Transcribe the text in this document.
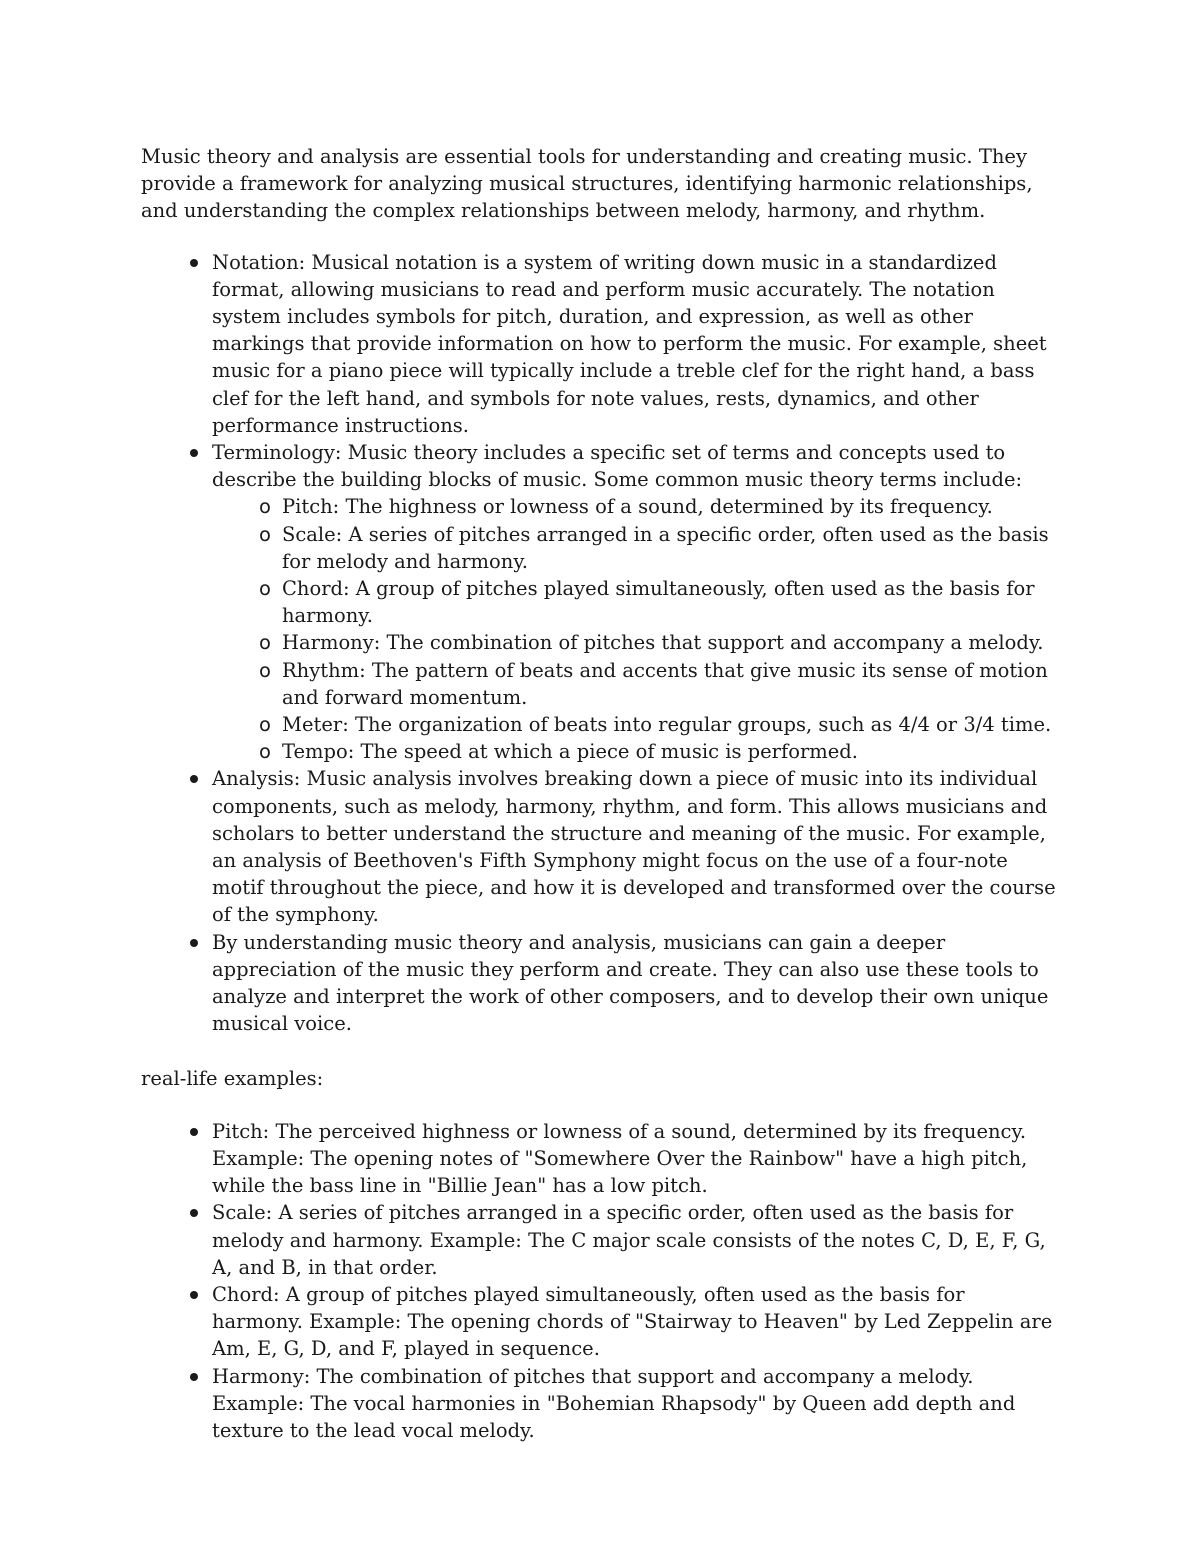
Music theory and analysis are essential tools for understanding and creating music. They provide a framework for analyzing musical structures, identifying harmonic relationships, and understanding the complex relationships between melody, harmony, and rhythm.

Notation: Musical notation is a system of writing down music in a standardized format, allowing musicians to read and perform music accurately. The notation system includes symbols for pitch, duration, and expression, as well as other markings that provide information on how to perform the music. For example, sheet music for a piano piece will typically include a treble clef for the right hand, a bass clef for the left hand, and symbols for note values, rests, dynamics, and other performance instructions.
Terminology: Music theory includes a specific set of terms and concepts used to describe the building blocks of music. Some common music theory terms include:
o Pitch: The highness or lowness of a sound, determined by its frequency.
o Scale: A series of pitches arranged in a specific order, often used as the basis for melody and harmony.
o Chord: A group of pitches played simultaneously, often used as the basis for harmony.
o Harmony: The combination of pitches that support and accompany a melody.
o Rhythm: The pattern of beats and accents that give music its sense of motion and forward momentum.
o Meter: The organization of beats into regular groups, such as 4/4 or 3/4 time.
o Tempo: The speed at which a piece of music is performed.
Analysis: Music analysis involves breaking down a piece of music into its individual components, such as melody, harmony, rhythm, and form. This allows musicians and scholars to better understand the structure and meaning of the music. For example, an analysis of Beethoven's Fifth Symphony might focus on the use of a four-note motif throughout the piece, and how it is developed and transformed over the course of the symphony.
By understanding music theory and analysis, musicians can gain a deeper appreciation of the music they perform and create. They can also use these tools to analyze and interpret the work of other composers, and to develop their own unique musical voice.

real-life examples:

Pitch: The perceived highness or lowness of a sound, determined by its frequency. Example: The opening notes of "Somewhere Over the Rainbow" have a high pitch, while the bass line in "Billie Jean" has a low pitch.
Scale: A series of pitches arranged in a specific order, often used as the basis for melody and harmony. Example: The C major scale consists of the notes C, D, E, F, G, A, and B, in that order.
Chord: A group of pitches played simultaneously, often used as the basis for harmony. Example: The opening chords of "Stairway to Heaven" by Led Zeppelin are Am, E, G, D, and F, played in sequence.
Harmony: The combination of pitches that support and accompany a melody. Example: The vocal harmonies in "Bohemian Rhapsody" by Queen add depth and texture to the lead vocal melody.
